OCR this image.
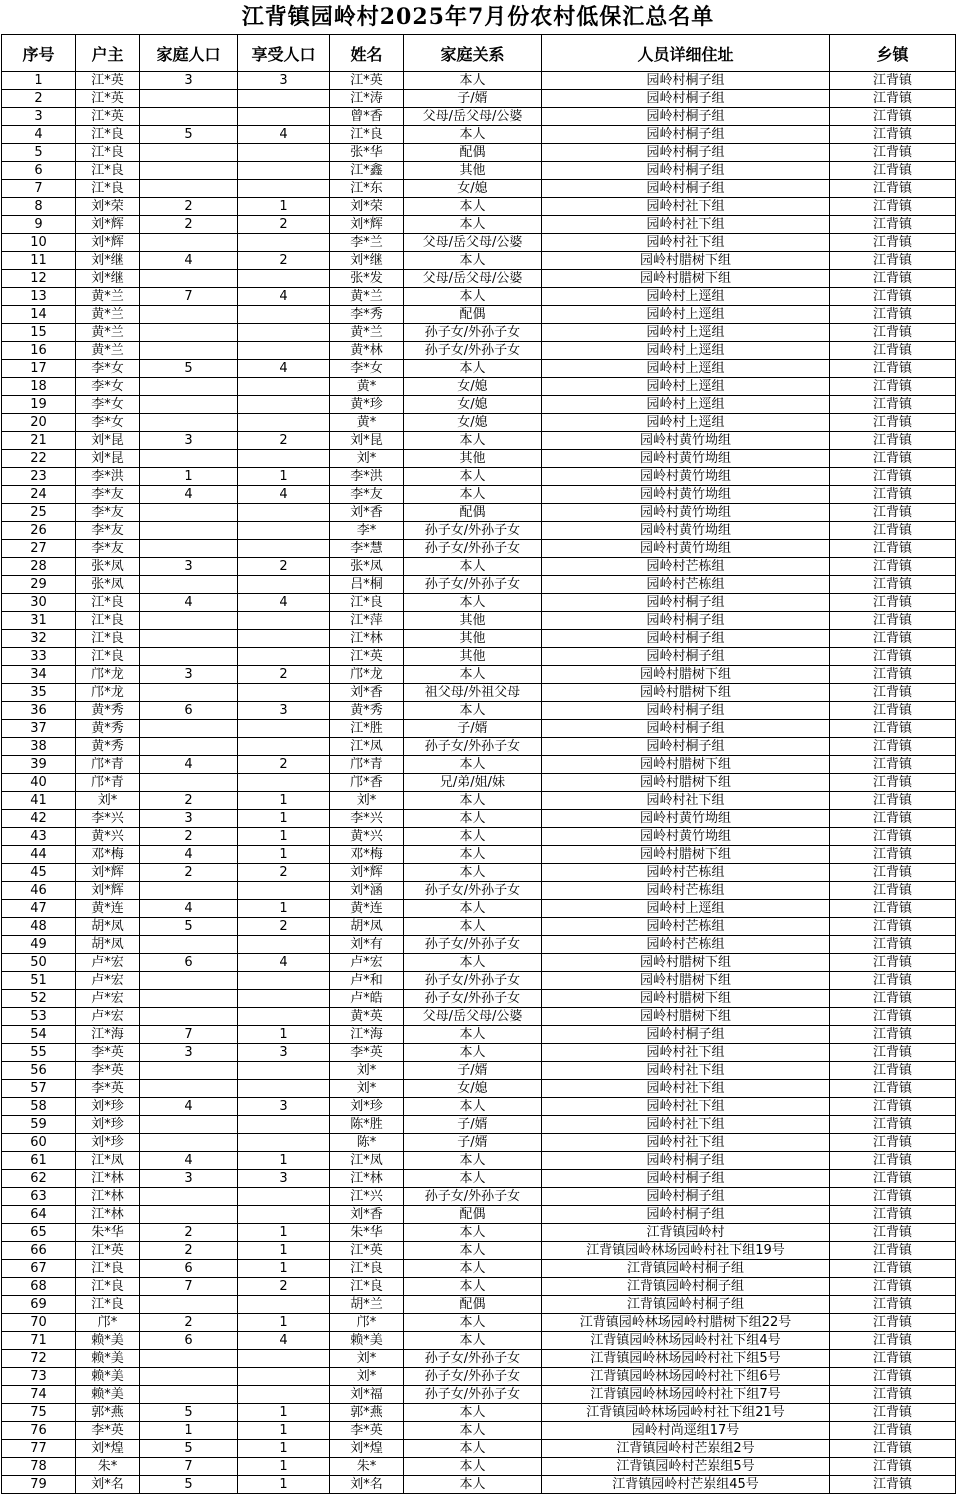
江背镇园岭村2025年7月份农村低保汇总名单
序号	户主	家庭人口	享受人口	姓名	家庭关系	人员详细住址	乡镇
1	江*英	3	3	江*英	本人	园岭村桐子组	江背镇
2	江*英			江*涛	子/婿	园岭村桐子组	江背镇
3	江*英			曾*香	父母/岳父母/公婆	园岭村桐子组	江背镇
4	江*良	5	4	江*良	本人	园岭村桐子组	江背镇
5	江*良			张*华	配偶	园岭村桐子组	江背镇
6	江*良			江*鑫	其他	园岭村桐子组	江背镇
7	江*良			江*东	女/媳	园岭村桐子组	江背镇
8	刘*荣	2	1	刘*荣	本人	园岭村社下组	江背镇
9	刘*辉	2	2	刘*辉	本人	园岭村社下组	江背镇
10	刘*辉			李*兰	父母/岳父母/公婆	园岭村社下组	江背镇
11	刘*继	4	2	刘*继	本人	园岭村腊树下组	江背镇
12	刘*继			张*发	父母/岳父母/公婆	园岭村腊树下组	江背镇
13	黄*兰	7	4	黄*兰	本人	园岭村上逕组	江背镇
14	黄*兰			李*秀	配偶	园岭村上逕组	江背镇
15	黄*兰			黄*兰	孙子女/外孙子女	园岭村上逕组	江背镇
16	黄*兰			黄*林	孙子女/外孙子女	园岭村上逕组	江背镇
17	李*女	5	4	李*女	本人	园岭村上逕组	江背镇
18	李*女			黄*	女/媳	园岭村上逕组	江背镇
19	李*女			黄*珍	女/媳	园岭村上逕组	江背镇
20	李*女			黄*	女/媳	园岭村上逕组	江背镇
21	刘*昆	3	2	刘*昆	本人	园岭村黄竹坳组	江背镇
22	刘*昆			刘*	其他	园岭村黄竹坳组	江背镇
23	李*洪	1	1	李*洪	本人	园岭村黄竹坳组	江背镇
24	李*友	4	4	李*友	本人	园岭村黄竹坳组	江背镇
25	李*友			刘*香	配偶	园岭村黄竹坳组	江背镇
26	李*友			李*	孙子女/外孙子女	园岭村黄竹坳组	江背镇
27	李*友			李*慧	孙子女/外孙子女	园岭村黄竹坳组	江背镇
28	张*凤	3	2	张*凤	本人	园岭村芒栋组	江背镇
29	张*凤			吕*桐	孙子女/外孙子女	园岭村芒栋组	江背镇
30	江*良	4	4	江*良	本人	园岭村桐子组	江背镇
31	江*良			江*萍	其他	园岭村桐子组	江背镇
32	江*良			江*林	其他	园岭村桐子组	江背镇
33	江*良			江*英	其他	园岭村桐子组	江背镇
34	邝*龙	3	2	邝*龙	本人	园岭村腊树下组	江背镇
35	邝*龙			刘*香	祖父母/外祖父母	园岭村腊树下组	江背镇
36	黄*秀	6	3	黄*秀	本人	园岭村桐子组	江背镇
37	黄*秀			江*胜	子/婿	园岭村桐子组	江背镇
38	黄*秀			江*凤	孙子女/外孙子女	园岭村桐子组	江背镇
39	邝*青	4	2	邝*青	本人	园岭村腊树下组	江背镇
40	邝*青			邝*香	兄/弟/姐/妹	园岭村腊树下组	江背镇
41	刘*	2	1	刘*	本人	园岭村社下组	江背镇
42	李*兴	3	1	李*兴	本人	园岭村黄竹坳组	江背镇
43	黄*兴	2	1	黄*兴	本人	园岭村黄竹坳组	江背镇
44	邓*梅	4	1	邓*梅	本人	园岭村腊树下组	江背镇
45	刘*辉	2	2	刘*辉	本人	园岭村芒栋组	江背镇
46	刘*辉			刘*涵	孙子女/外孙子女	园岭村芒栋组	江背镇
47	黄*连	4	1	黄*连	本人	园岭村上逕组	江背镇
48	胡*凤	5	2	胡*凤	本人	园岭村芒栋组	江背镇
49	胡*凤			刘*有	孙子女/外孙子女	园岭村芒栋组	江背镇
50	卢*宏	6	4	卢*宏	本人	园岭村腊树下组	江背镇
51	卢*宏			卢*和	孙子女/外孙子女	园岭村腊树下组	江背镇
52	卢*宏			卢*皓	孙子女/外孙子女	园岭村腊树下组	江背镇
53	卢*宏			黄*英	父母/岳父母/公婆	园岭村腊树下组	江背镇
54	江*海	7	1	江*海	本人	园岭村桐子组	江背镇
55	李*英	3	3	李*英	本人	园岭村社下组	江背镇
56	李*英			刘*	子/婿	园岭村社下组	江背镇
57	李*英			刘*	女/媳	园岭村社下组	江背镇
58	刘*珍	4	3	刘*珍	本人	园岭村社下组	江背镇
59	刘*珍			陈*胜	子/婿	园岭村社下组	江背镇
60	刘*珍			陈*	子/婿	园岭村社下组	江背镇
61	江*凤	4	1	江*凤	本人	园岭村桐子组	江背镇
62	江*林	3	3	江*林	本人	园岭村桐子组	江背镇
63	江*林			江*兴	孙子女/外孙子女	园岭村桐子组	江背镇
64	江*林			刘*香	配偶	园岭村桐子组	江背镇
65	朱*华	2	1	朱*华	本人	江背镇园岭村	江背镇
66	江*英	2	1	江*英	本人	江背镇园岭林场园岭村社下组19号	江背镇
67	江*良	6	1	江*良	本人	江背镇园岭村桐子组	江背镇
68	江*良	7	2	江*良	本人	江背镇园岭村桐子组	江背镇
69	江*良			胡*兰	配偶	江背镇园岭村桐子组	江背镇
70	邝*	2	1	邝*	本人	江背镇园岭林场园岭村腊树下组22号	江背镇
71	赖*美	6	4	赖*美	本人	江背镇园岭林场园岭村社下组4号	江背镇
72	赖*美			刘*	孙子女/外孙子女	江背镇园岭林场园岭村社下组5号	江背镇
73	赖*美			刘*	孙子女/外孙子女	江背镇园岭林场园岭村社下组6号	江背镇
74	赖*美			刘*福	孙子女/外孙子女	江背镇园岭林场园岭村社下组7号	江背镇
75	郭*燕	5	1	郭*燕	本人	江背镇园岭林场园岭村社下组21号	江背镇
76	李*英	1	1	李*英	本人	园岭村尚逕组17号	江背镇
77	刘*煌	5	1	刘*煌	本人	江背镇园岭村芒岽组2号	江背镇
78	朱*	7	1	朱*	本人	江背镇园岭村芒岽组5号	江背镇
79	刘*名	5	1	刘*名	本人	江背镇园岭村芒岽组45号	江背镇
